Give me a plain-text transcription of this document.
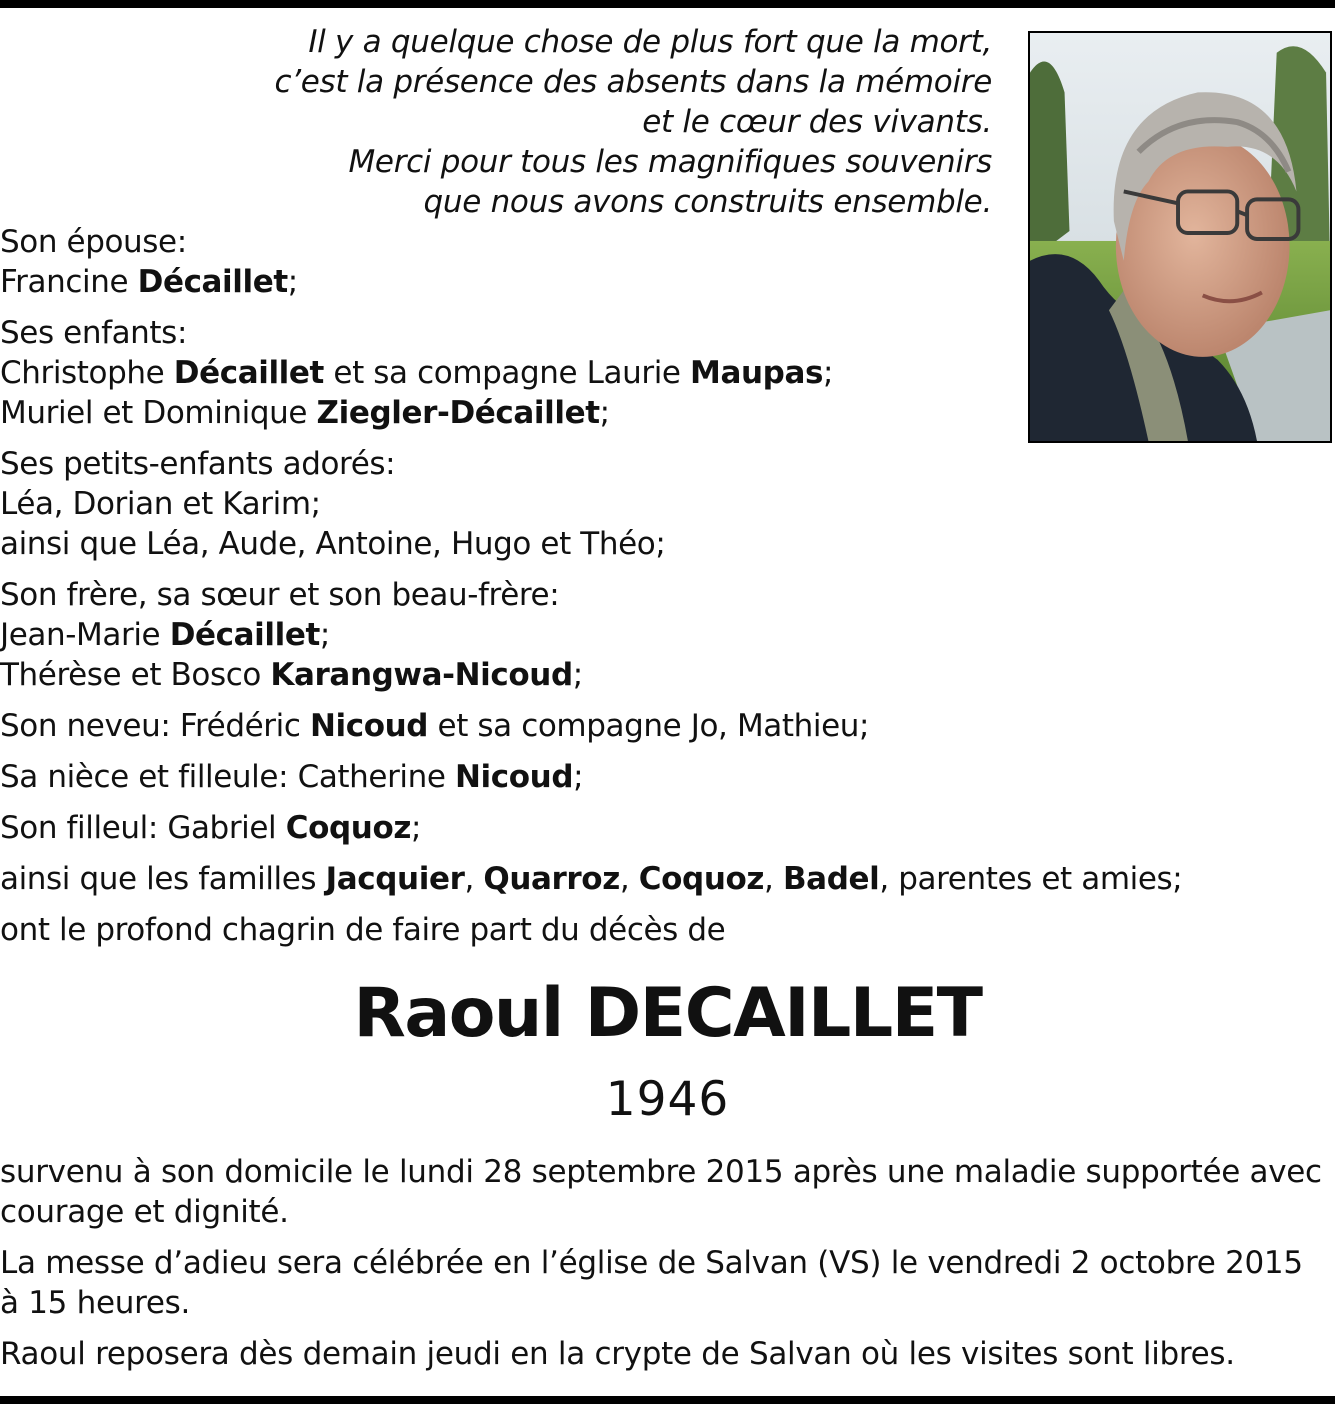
Il y a quelque chose de plus fort que la mort,
c’est la présence des absents dans la mémoire
et le cœur des vivants.
Merci pour tous les magnifiques souvenirs
que nous avons construits ensemble.
Son épouse:
Francine Décaillet;
Ses enfants:
Christophe Décaillet et sa compagne Laurie Maupas;
Muriel et Dominique Ziegler-Décaillet;
Ses petits-enfants adorés:
Léa, Dorian et Karim;
ainsi que Léa, Aude, Antoine, Hugo et Théo;
Son frère, sa sœur et son beau-frère:
Jean-Marie Décaillet;
Thérèse et Bosco Karangwa-Nicoud;
Son neveu: Frédéric Nicoud et sa compagne Jo, Mathieu;
Sa nièce et filleule: Catherine Nicoud;
Son filleul: Gabriel Coquoz;
ainsi que les familles Jacquier, Quarroz, Coquoz, Badel, parentes et amies;
ont le profond chagrin de faire part du décès de
Raoul DECAILLET
1946
survenu à son domicile le lundi 28 septembre 2015 après une maladie supportée avec
courage et dignité.
La messe d’adieu sera célébrée en l’église de Salvan (VS) le vendredi 2 octobre 2015
à 15 heures.
Raoul reposera dès demain jeudi en la crypte de Salvan où les visites sont libres.
